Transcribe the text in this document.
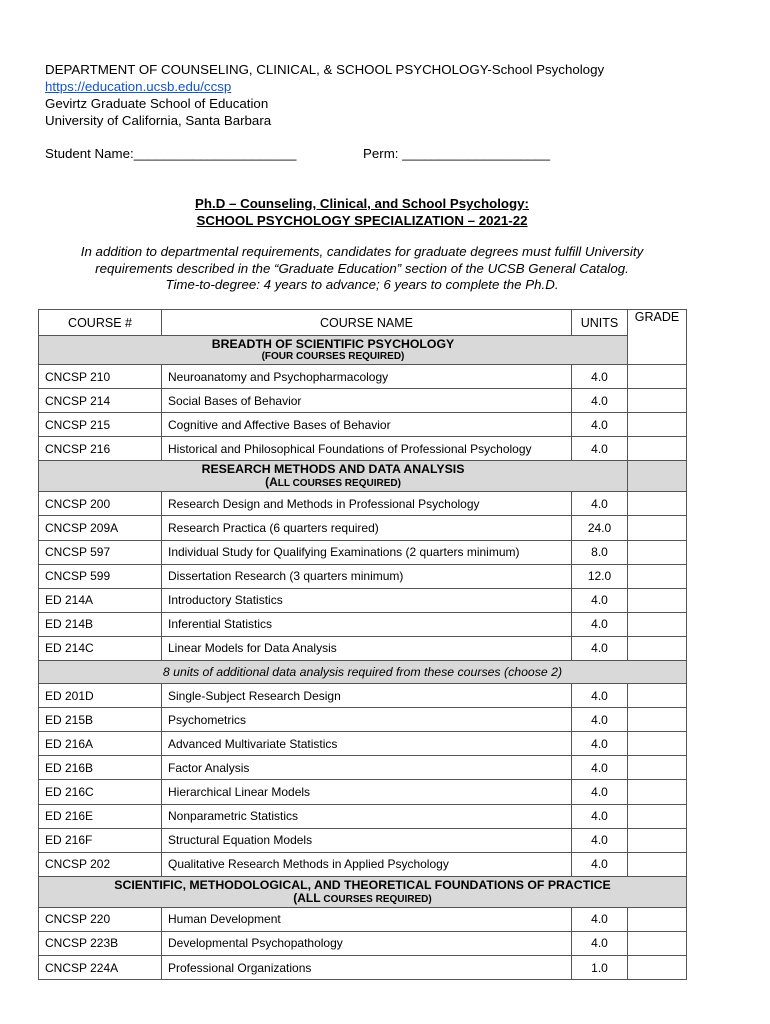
DEPARTMENT OF COUNSELING, CLINICAL, & SCHOOL PSYCHOLOGY-School Psychology
https://education.ucsb.edu/ccsp
Gevirtz Graduate School of Education
University of California, Santa Barbara
Student Name:______________________	Perm: ____________________
Ph.D – Counseling, Clinical, and School Psychology:
SCHOOL PSYCHOLOGY SPECIALIZATION – 2021-22
In addition to departmental requirements, candidates for graduate degrees must fulfill University
requirements described in the “Graduate Education” section of the UCSB General Catalog.
Time-to-degree: 4 years to advance; 6 years to complete the Ph.D.
COURSE #	COURSE NAME	UNITS	GRADE

BREADTH OF SCIENTIFIC PSYCHOLOGY
(FOUR COURSES REQUIRED)			

CNCSP 210	Neuroanatomy and Psychopharmacology	4.0	
CNCSP 214	Social Bases of Behavior	4.0	
CNCSP 215	Cognitive and Affective Bases of Behavior	4.0	
CNCSP 216	Historical and Philosophical Foundations of Professional Psychology	4.0	

RESEARCH METHODS AND DATA ANALYSIS
(ALL COURSES REQUIRED)			

CNCSP 200	Research Design and Methods in Professional Psychology	4.0	
CNCSP 209A	Research Practica (6 quarters required)	24.0	
CNCSP 597	Individual Study for Qualifying Examinations (2 quarters minimum)	8.0	
CNCSP 599	Dissertation Research (3 quarters minimum)	12.0	
ED 214A	Introductory Statistics	4.0	
ED 214B	Inferential Statistics	4.0	
ED 214C	Linear Models for Data Analysis	4.0	
8 units of additional data analysis required from these courses (choose 2)			
ED 201D	Single-Subject Research Design	4.0	
ED 215B	Psychometrics	4.0	
ED 216A	Advanced Multivariate Statistics	4.0	
ED 216B	Factor Analysis	4.0	
ED 216C	Hierarchical Linear Models	4.0	
ED 216E	Nonparametric Statistics	4.0	
ED 216F	Structural Equation Models	4.0	
CNCSP 202	Qualitative Research Methods in Applied Psychology	4.0	

SCIENTIFIC, METHODOLOGICAL, AND THEORETICAL FOUNDATIONS OF PRACTICE
(ALL COURSES REQUIRED)			

CNCSP 220	Human Development	4.0	
CNCSP 223B	Developmental Psychopathology	4.0	
CNCSP 224A	Professional Organizations	1.0	
